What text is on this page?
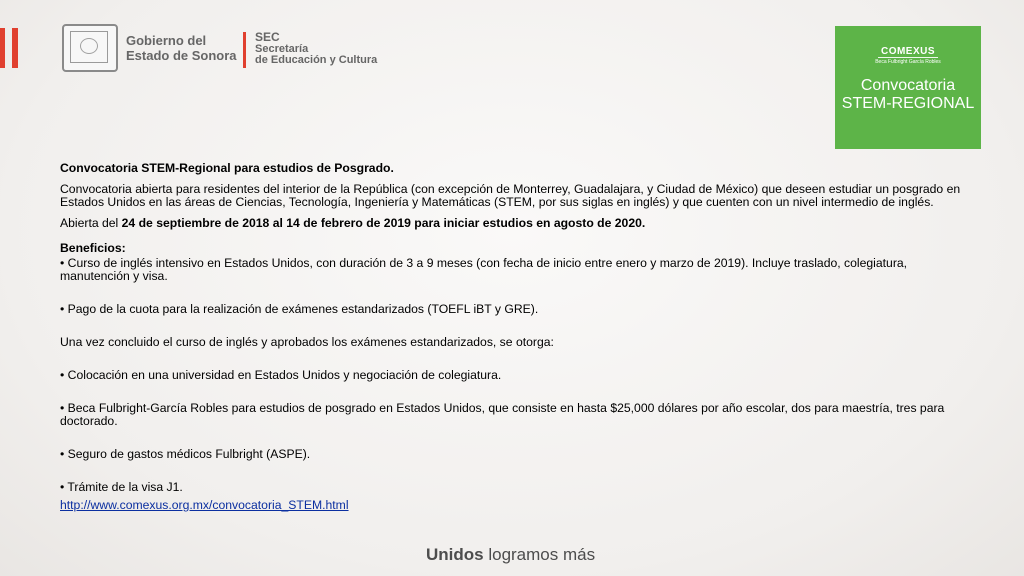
Gobierno del
Estado de Sonora
SEC
Secretaría
de Educación y Cultura
COMEXUS
Beca Fulbright García Robles
Convocatoria
STEM-REGIONAL

Convocatoria STEM-Regional para estudios de Posgrado.

Convocatoria abierta para residentes del interior de la República (con excepción de Monterrey, Guadalajara, y Ciudad de México) que deseen estudiar un posgrado en Estados Unidos en las áreas de Ciencias, Tecnología, Ingeniería y Matemáticas (STEM, por sus siglas en inglés) y que cuenten con un nivel intermedio de inglés.

Abierta del 24 de septiembre de 2018 al 14 de febrero de 2019 para iniciar estudios en agosto de 2020.

Beneficios:

• Curso de inglés intensivo en Estados Unidos, con duración de 3 a 9 meses (con fecha de inicio entre enero y marzo de 2019). Incluye traslado, colegiatura, manutención y visa.

• Pago de la cuota para la realización de exámenes estandarizados (TOEFL iBT y GRE).

Una vez concluido el curso de inglés y aprobados los exámenes estandarizados, se otorga:

• Colocación en una universidad en Estados Unidos y negociación de colegiatura.

• Beca Fulbright-García Robles para estudios de posgrado en Estados Unidos, que consiste en hasta $25,000 dólares por año escolar, dos para maestría, tres para doctorado.

• Seguro de gastos médicos Fulbright (ASPE).

• Trámite de la visa J1.

http://www.comexus.org.mx/convocatoria_STEM.html

Unidos logramos más
